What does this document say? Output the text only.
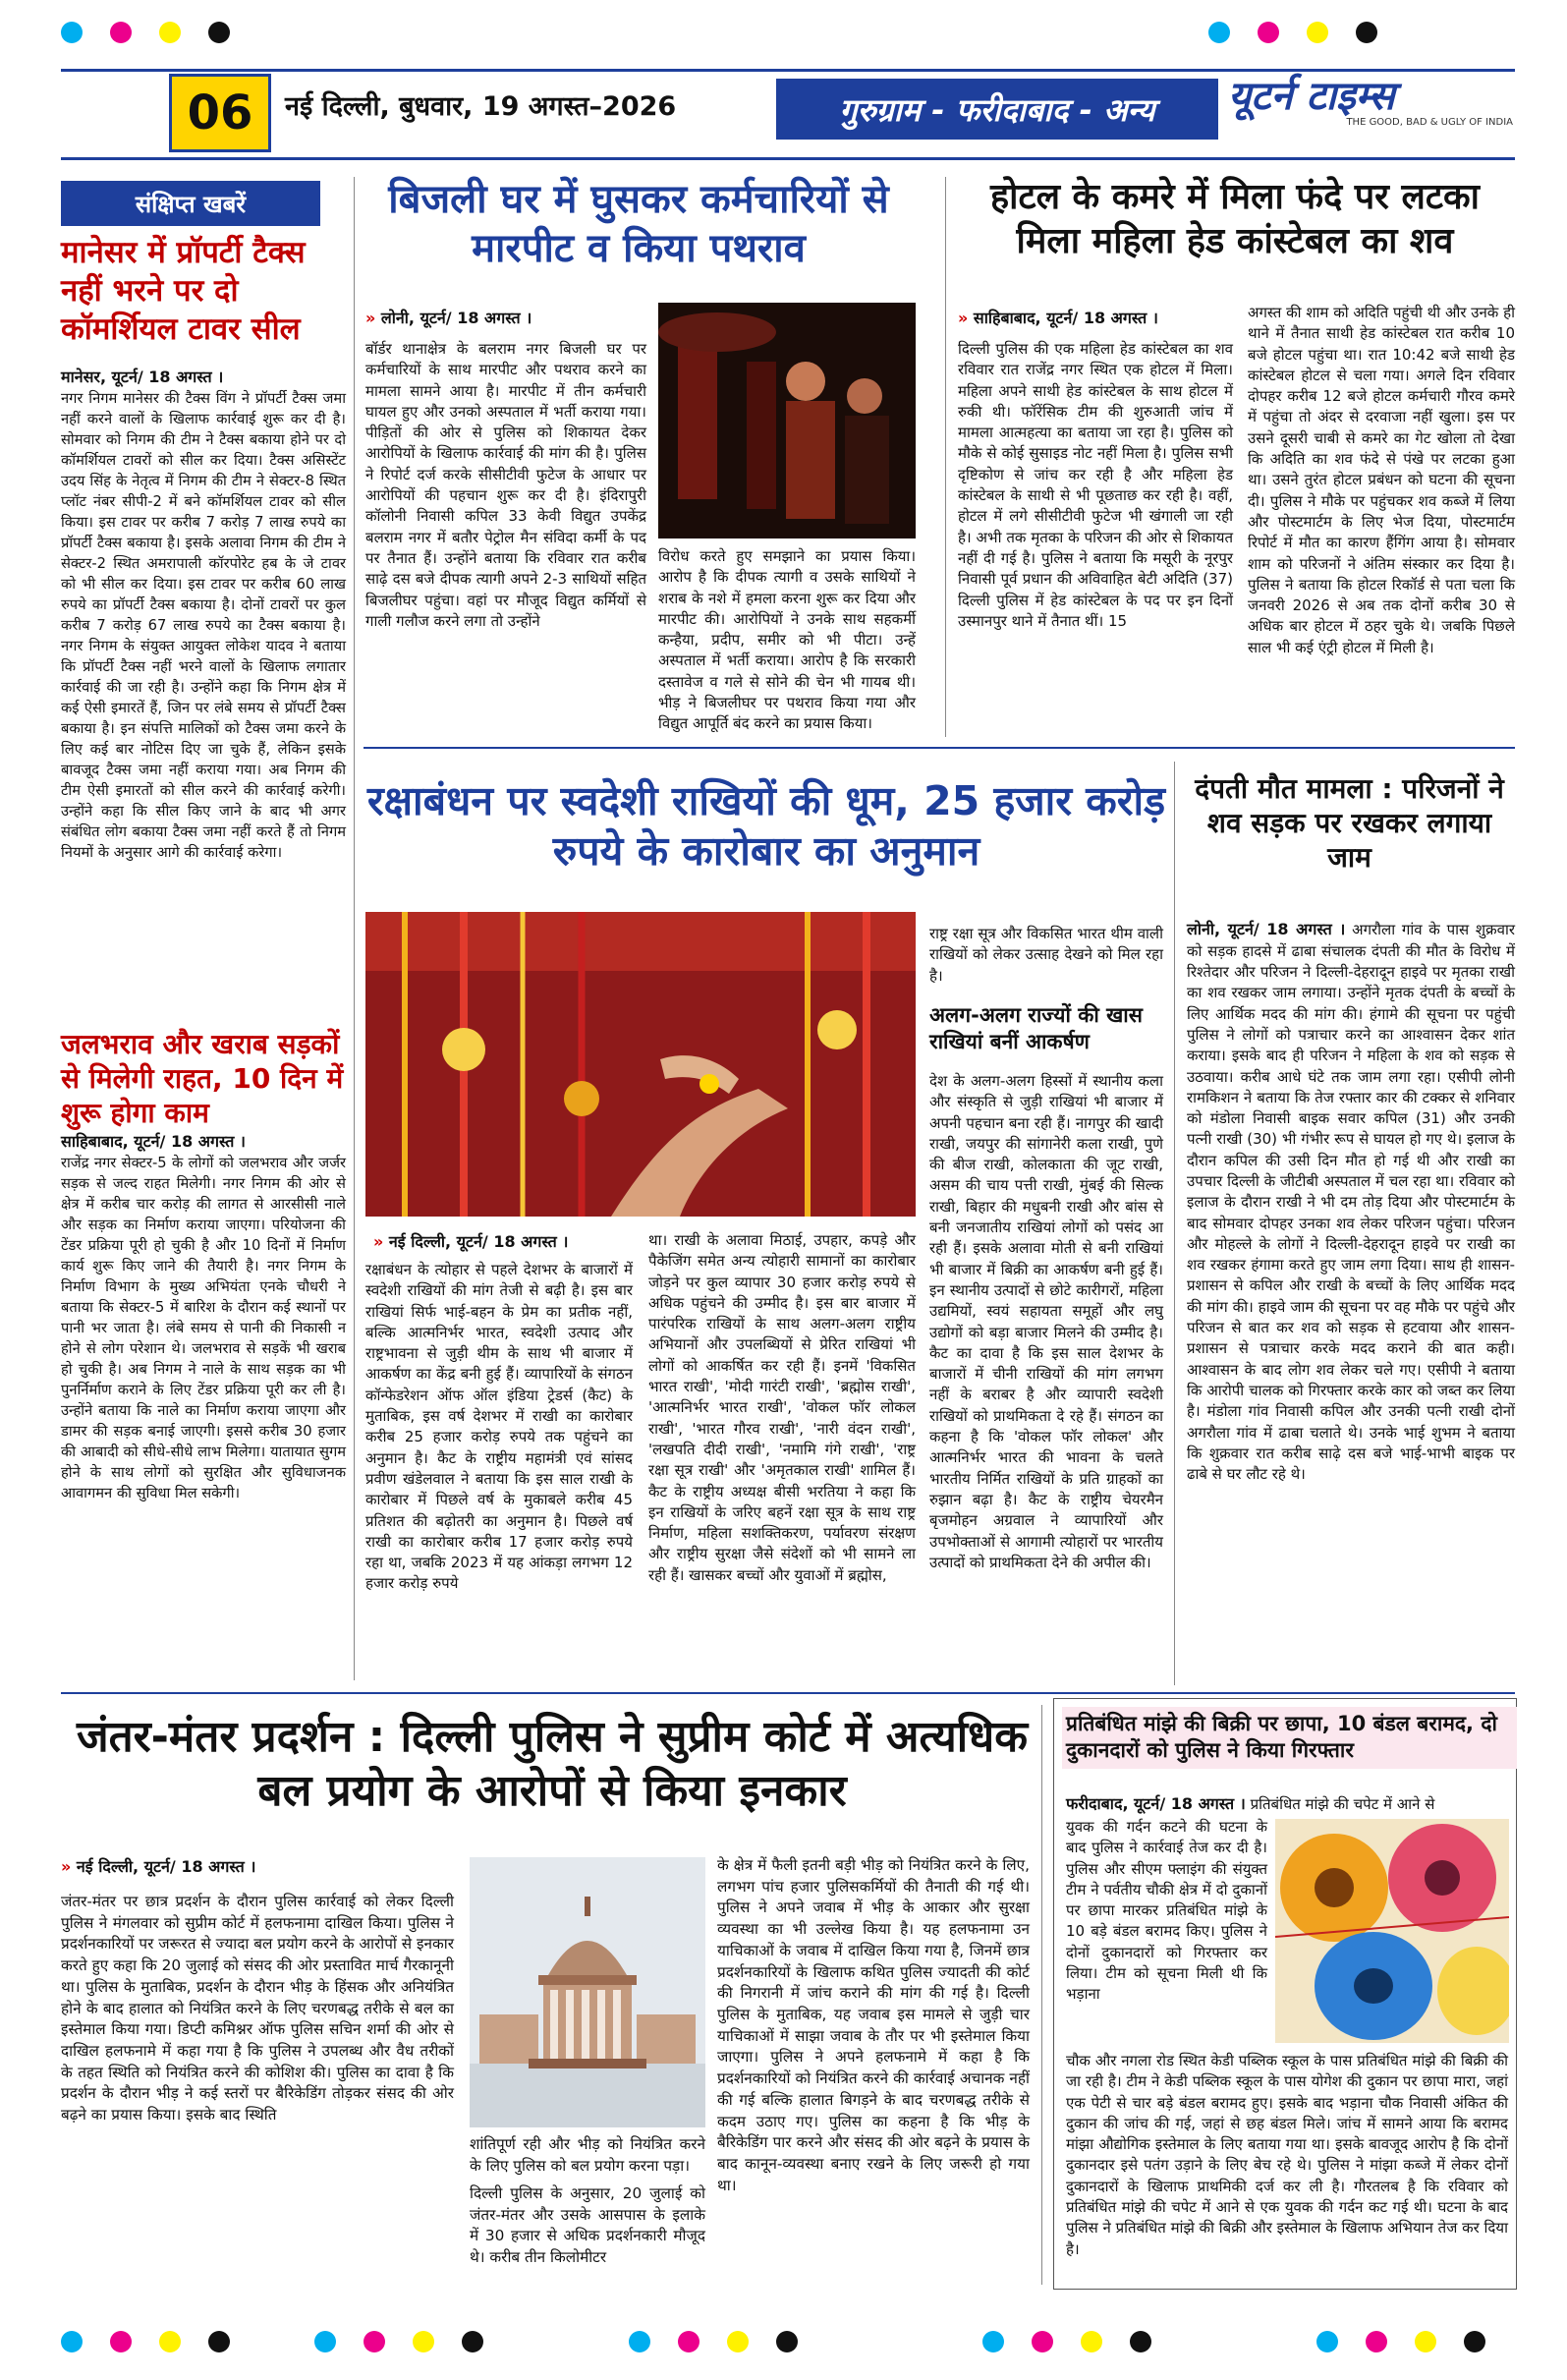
06	नई दिल्ली, बुधवार, 19 अगस्त–2026	गुरुग्राम - फरीदाबाद - अन्य	यूटर्न टाइम्स
THE GOOD, BAD & UGLY OF INDIA
संक्षिप्त खबरें
मानेसर में प्रॉपर्टी टैक्स नहीं भरने पर दो कॉमर्शियल टावर सील
मानेसर, यूटर्न/ 18 अगस्त ।
नगर निगम मानेसर की टैक्स विंग ने प्रॉपर्टी टैक्स जमा नहीं करने वालों के खिलाफ कार्रवाई शुरू कर दी है। सोमवार को निगम की टीम ने टैक्स बकाया होने पर दो कॉमर्शियल टावरों को सील कर दिया। टैक्स असिस्टेंट उदय सिंह के नेतृत्व में निगम की टीम ने सेक्टर-8 स्थित प्लॉट नंबर सीपी-2 में बने कॉमर्शियल टावर को सील किया। इस टावर पर करीब 7 करोड़ 7 लाख रुपये का प्रॉपर्टी टैक्स बकाया है। इसके अलावा निगम की टीम ने सेक्टर-2 स्थित अमरापाली कॉरपोरेट हब के जे टावर को भी सील कर दिया। इस टावर पर करीब 60 लाख रुपये का प्रॉपर्टी टैक्स बकाया है। दोनों टावरों पर कुल करीब 7 करोड़ 67 लाख रुपये का टैक्स बकाया है। नगर निगम के संयुक्त आयुक्त लोकेश यादव ने बताया कि प्रॉपर्टी टैक्स नहीं भरने वालों के खिलाफ लगातार कार्रवाई की जा रही है। उन्होंने कहा कि निगम क्षेत्र में कई ऐसी इमारतें हैं, जिन पर लंबे समय से प्रॉपर्टी टैक्स बकाया है। इन संपत्ति मालिकों को टैक्स जमा करने के लिए कई बार नोटिस दिए जा चुके हैं, लेकिन इसके बावजूद टैक्स जमा नहीं कराया गया। अब निगम की टीम ऐसी इमारतों को सील करने की कार्रवाई करेगी। उन्होंने कहा कि सील किए जाने के बाद भी अगर संबंधित लोग बकाया टैक्स जमा नहीं करते हैं तो निगम नियमों के अनुसार आगे की कार्रवाई करेगा।
जलभराव और खराब सड़कों से मिलेगी राहत, 10 दिन में शुरू होगा काम
साहिबाबाद, यूटर्न/ 18 अगस्त ।
राजेंद्र नगर सेक्टर-5 के लोगों को जलभराव और जर्जर सड़क से जल्द राहत मिलेगी। नगर निगम की ओर से क्षेत्र में करीब चार करोड़ की लागत से आरसीसी नाले और सड़क का निर्माण कराया जाएगा। परियोजना की टेंडर प्रक्रिया पूरी हो चुकी है और 10 दिनों में निर्माण कार्य शुरू किए जाने की तैयारी है। नगर निगम के निर्माण विभाग के मुख्य अभियंता एनके चौधरी ने बताया कि सेक्टर-5 में बारिश के दौरान कई स्थानों पर पानी भर जाता है। लंबे समय से पानी की निकासी न होने से लोग परेशान थे। जलभराव से सड़कें भी खराब हो चुकी है। अब निगम ने नाले के साथ सड़क का भी पुनर्निर्माण कराने के लिए टेंडर प्रक्रिया पूरी कर ली है। उन्होंने बताया कि नाले का निर्माण कराया जाएगा और डामर की सड़क बनाई जाएगी। इससे करीब 30 हजार की आबादी को सीधे-सीधे लाभ मिलेगा। यातायात सुगम होने के साथ लोगों को सुरक्षित और सुविधाजनक आवागमन की सुविधा मिल सकेगी।
बिजली घर में घुसकर कर्मचारियों से मारपीट व किया पथराव
» लोनी, यूटर्न/ 18 अगस्त ।
बॉर्डर थानाक्षेत्र के बलराम नगर बिजली घर पर कर्मचारियों के साथ मारपीट और पथराव करने का मामला सामने आया है। मारपीट में तीन कर्मचारी घायल हुए और उनको अस्पताल में भर्ती कराया गया। पीड़ितों की ओर से पुलिस को शिकायत देकर आरोपियों के खिलाफ कार्रवाई की मांग की है। पुलिस ने रिपोर्ट दर्ज करके सीसीटीवी फुटेज के आधार पर आरोपियों की पहचान शुरू कर दी है। इंदिरापुरी कॉलोनी निवासी कपिल 33 केवी विद्युत उपकेंद्र बलराम नगर में बतौर पेट्रोल मैन संविदा कर्मी के पद पर तैनात हैं। उन्होंने बताया कि रविवार रात करीब साढ़े दस बजे दीपक त्यागी अपने 2-3 साथियों सहित बिजलीघर पहुंचा। वहां पर मौजूद विद्युत कर्मियों से गाली गलौज करने लगा तो उन्होंने
विरोध करते हुए समझाने का प्रयास किया। आरोप है कि दीपक त्यागी व उसके साथियों ने शराब के नशे में हमला करना शुरू कर दिया और मारपीट की। आरोपियों ने उनके साथ सहकर्मी कन्हैया, प्रदीप, समीर को भी पीटा। उन्हें अस्पताल में भर्ती कराया। आरोप है कि सरकारी दस्तावेज व गले से सोने की चेन भी गायब थी। भीड़ ने बिजलीघर पर पथराव किया गया और विद्युत आपूर्ति बंद करने का प्रयास किया।
होटल के कमरे में मिला फंदे पर लटका मिला महिला हेड कांस्टेबल का शव
» साहिबाबाद, यूटर्न/ 18 अगस्त ।
दिल्ली पुलिस की एक महिला हेड कांस्टेबल का शव रविवार रात राजेंद्र नगर स्थित एक होटल में मिला। महिला अपने साथी हेड कांस्टेबल के साथ होटल में रुकी थी। फॉरेंसिक टीम की शुरुआती जांच में मामला आत्महत्या का बताया जा रहा है। पुलिस को मौके से कोई सुसाइड नोट नहीं मिला है। पुलिस सभी दृष्टिकोण से जांच कर रही है और महिला हेड कांस्टेबल के साथी से भी पूछताछ कर रही है। वहीं, होटल में लगे सीसीटीवी फुटेज भी खंगाली जा रही है। अभी तक मृतका के परिजन की ओर से शिकायत नहीं दी गई है। पुलिस ने बताया कि मसूरी के नूरपुर निवासी पूर्व प्रधान की अविवाहित बेटी अदिति (37) दिल्ली पुलिस में हेड कांस्टेबल के पद पर इन दिनों उस्मानपुर थाने में तैनात थीं। 15
अगस्त की शाम को अदिति पहुंची थी और उनके ही थाने में तैनात साथी हेड कांस्टेबल रात करीब 10 बजे होटल पहुंचा था। रात 10:42 बजे साथी हेड कांस्टेबल होटल से चला गया। अगले दिन रविवार दोपहर करीब 12 बजे होटल कर्मचारी गौरव कमरे में पहुंचा तो अंदर से दरवाजा नहीं खुला। इस पर उसने दूसरी चाबी से कमरे का गेट खोला तो देखा कि अदिति का शव फंदे से पंखे पर लटका हुआ था। उसने तुरंत होटल प्रबंधन को घटना की सूचना दी। पुलिस ने मौके पर पहुंचकर शव कब्जे में लिया और पोस्टमार्टम के लिए भेज दिया, पोस्टमार्टम रिपोर्ट में मौत का कारण हैंगिंग आया है। सोमवार शाम को परिजनों ने अंतिम संस्कार कर दिया है। पुलिस ने बताया कि होटल रिकॉर्ड से पता चला कि जनवरी 2026 से अब तक दोनों करीब 30 से अधिक बार होटल में ठहर चुके थे। जबकि पिछले साल भी कई एंट्री होटल में मिली है।
रक्षाबंधन पर स्वदेशी राखियों की धूम, 25 हजार करोड़ रुपये के कारोबार का अनुमान
» नई दिल्ली, यूटर्न/ 18 अगस्त ।
रक्षाबंधन के त्योहार से पहले देशभर के बाजारों में स्वदेशी राखियों की मांग तेजी से बढ़ी है। इस बार राखियां सिर्फ भाई-बहन के प्रेम का प्रतीक नहीं, बल्कि आत्मनिर्भर भारत, स्वदेशी उत्पाद और राष्ट्रभावना से जुड़ी थीम के साथ भी बाजार में आकर्षण का केंद्र बनी हुई हैं। व्यापारियों के संगठन कॉन्फेडरेशन ऑफ ऑल इंडिया ट्रेडर्स (कैट) के मुताबिक, इस वर्ष देशभर में राखी का कारोबार करीब 25 हजार करोड़ रुपये तक पहुंचने का अनुमान है। कैट के राष्ट्रीय महामंत्री एवं सांसद प्रवीण खंडेलवाल ने बताया कि इस साल राखी के कारोबार में पिछले वर्ष के मुकाबले करीब 45 प्रतिशत की बढ़ोतरी का अनुमान है। पिछले वर्ष राखी का कारोबार करीब 17 हजार करोड़ रुपये रहा था, जबकि 2023 में यह आंकड़ा लगभग 12 हजार करोड़ रुपये
था। राखी के अलावा मिठाई, उपहार, कपड़े और पैकेजिंग समेत अन्य त्योहारी सामानों का कारोबार जोड़ने पर कुल व्यापार 30 हजार करोड़ रुपये से अधिक पहुंचने की उम्मीद है। इस बार बाजार में पारंपरिक राखियों के साथ अलग-अलग राष्ट्रीय अभियानों और उपलब्धियों से प्रेरित राखियां भी लोगों को आकर्षित कर रही हैं। इनमें 'विकसित भारत राखी', 'मोदी गारंटी राखी', 'ब्रह्मोस राखी', 'आत्मनिर्भर भारत राखी', 'वोकल फॉर लोकल राखी', 'भारत गौरव राखी', 'नारी वंदन राखी', 'लखपति दीदी राखी', 'नमामि गंगे राखी', 'राष्ट्र रक्षा सूत्र राखी' और 'अमृतकाल राखी' शामिल हैं। कैट के राष्ट्रीय अध्यक्ष बीसी भरतिया ने कहा कि इन राखियों के जरिए बहनें रक्षा सूत्र के साथ राष्ट्र निर्माण, महिला सशक्तिकरण, पर्यावरण संरक्षण और राष्ट्रीय सुरक्षा जैसे संदेशों को भी सामने ला रही हैं। खासकर बच्चों और युवाओं में ब्रह्मोस,
राष्ट्र रक्षा सूत्र और विकसित भारत थीम वाली राखियों को लेकर उत्साह देखने को मिल रहा है।
अलग-अलग राज्यों की खास राखियां बनीं आकर्षण
देश के अलग-अलग हिस्सों में स्थानीय कला और संस्कृति से जुड़ी राखियां भी बाजार में अपनी पहचान बना रही हैं। नागपुर की खादी राखी, जयपुर की सांगानेरी कला राखी, पुणे की बीज राखी, कोलकाता की जूट राखी, असम की चाय पत्ती राखी, मुंबई की सिल्क राखी, बिहार की मधुबनी राखी और बांस से बनी जनजातीय राखियां लोगों को पसंद आ रही हैं। इसके अलावा मोती से बनी राखियां भी बाजार में बिक्री का आकर्षण बनी हुई हैं। इन स्थानीय उत्पादों से छोटे कारीगरों, महिला उद्यमियों, स्वयं सहायता समूहों और लघु उद्योगों को बड़ा बाजार मिलने की उम्मीद है। कैट का दावा है कि इस साल देशभर के बाजारों में चीनी राखियों की मांग लगभग नहीं के बराबर है और व्यापारी स्वदेशी राखियों को प्राथमिकता दे रहे हैं। संगठन का कहना है कि 'वोकल फॉर लोकल' और आत्मनिर्भर भारत की भावना के चलते भारतीय निर्मित राखियों के प्रति ग्राहकों का रुझान बढ़ा है। कैट के राष्ट्रीय चेयरमैन बृजमोहन अग्रवाल ने व्यापारियों और उपभोक्ताओं से आगामी त्योहारों पर भारतीय उत्पादों को प्राथमिकता देने की अपील की।
दंपती मौत मामला : परिजनों ने शव सड़क पर रखकर लगाया जाम
लोनी, यूटर्न/ 18 अगस्त । अगरौला गांव के पास शुक्रवार को सड़क हादसे में ढाबा संचालक दंपती की मौत के विरोध में रिश्तेदार और परिजन ने दिल्ली-देहरादून हाइवे पर मृतका राखी का शव रखकर जाम लगाया। उन्होंने मृतक दंपती के बच्चों के लिए आर्थिक मदद की मांग की। हंगामे की सूचना पर पहुंची पुलिस ने लोगों को पत्राचार करने का आश्वासन देकर शांत कराया। इसके बाद ही परिजन ने महिला के शव को सड़क से उठवाया। करीब आधे घंटे तक जाम लगा रहा। एसीपी लोनी रामकिशन ने बताया कि तेज रफ्तार कार की टक्कर से शनिवार को मंडोला निवासी बाइक सवार कपिल (31) और उनकी पत्नी राखी (30) भी गंभीर रूप से घायल हो गए थे। इलाज के दौरान कपिल की उसी दिन मौत हो गई थी और राखी का उपचार दिल्ली के जीटीबी अस्पताल में चल रहा था। रविवार को इलाज के दौरान राखी ने भी दम तोड़ दिया और पोस्टमार्टम के बाद सोमवार दोपहर उनका शव लेकर परिजन पहुंचा। परिजन और मोहल्ले के लोगों ने दिल्ली-देहरादून हाइवे पर राखी का शव रखकर हंगामा करते हुए जाम लगा दिया। साथ ही शासन-प्रशासन से कपिल और राखी के बच्चों के लिए आर्थिक मदद की मांग की। हाइवे जाम की सूचना पर वह मौके पर पहुंचे और परिजन से बात कर शव को सड़क से हटवाया और शासन-प्रशासन से पत्राचार करके मदद कराने की बात कही। आश्वासन के बाद लोग शव लेकर चले गए। एसीपी ने बताया कि आरोपी चालक को गिरफ्तार करके कार को जब्त कर लिया है। मंडोला गांव निवासी कपिल और उनकी पत्नी राखी दोनों अगरौला गांव में ढाबा चलाते थे। उनके भाई शुभम ने बताया कि शुक्रवार रात करीब साढ़े दस बजे भाई-भाभी बाइक पर ढाबे से घर लौट रहे थे।
जंतर-मंतर प्रदर्शन : दिल्ली पुलिस ने सुप्रीम कोर्ट में अत्यधिक बल प्रयोग के आरोपों से किया इनकार
» नई दिल्ली, यूटर्न/ 18 अगस्त ।
जंतर-मंतर पर छात्र प्रदर्शन के दौरान पुलिस कार्रवाई को लेकर दिल्ली पुलिस ने मंगलवार को सुप्रीम कोर्ट में हलफनामा दाखिल किया। पुलिस ने प्रदर्शनकारियों पर जरूरत से ज्यादा बल प्रयोग करने के आरोपों से इनकार करते हुए कहा कि 20 जुलाई को संसद की ओर प्रस्तावित मार्च गैरकानूनी था। पुलिस के मुताबिक, प्रदर्शन के दौरान भीड़ के हिंसक और अनियंत्रित होने के बाद हालात को नियंत्रित करने के लिए चरणबद्ध तरीके से बल का इस्तेमाल किया गया। डिप्टी कमिश्नर ऑफ पुलिस सचिन शर्मा की ओर से दाखिल हलफनामे में कहा गया है कि पुलिस ने उपलब्ध और वैध तरीकों के तहत स्थिति को नियंत्रित करने की कोशिश की। पुलिस का दावा है कि प्रदर्शन के दौरान भीड़ ने कई स्तरों पर बैरिकेडिंग तोड़कर संसद की ओर बढ़ने का प्रयास किया। इसके बाद स्थिति
शांतिपूर्ण रही और भीड़ को नियंत्रित करने के लिए पुलिस को बल प्रयोग करना पड़ा।
दिल्ली पुलिस के अनुसार, 20 जुलाई को जंतर-मंतर और उसके आसपास के इलाके में 30 हजार से अधिक प्रदर्शनकारी मौजूद थे। करीब तीन किलोमीटर
के क्षेत्र में फैली इतनी बड़ी भीड़ को नियंत्रित करने के लिए, लगभग पांच हजार पुलिसकर्मियों की तैनाती की गई थी। पुलिस ने अपने जवाब में भीड़ के आकार और सुरक्षा व्यवस्था का भी उल्लेख किया है। यह हलफनामा उन याचिकाओं के जवाब में दाखिल किया गया है, जिनमें छात्र प्रदर्शनकारियों के खिलाफ कथित पुलिस ज्यादती की कोर्ट की निगरानी में जांच कराने की मांग की गई है। दिल्ली पुलिस के मुताबिक, यह जवाब इस मामले से जुड़ी चार याचिकाओं में साझा जवाब के तौर पर भी इस्तेमाल किया जाएगा। पुलिस ने अपने हलफनामे में कहा है कि प्रदर्शनकारियों को नियंत्रित करने की कार्रवाई अचानक नहीं की गई बल्कि हालात बिगड़ने के बाद चरणबद्ध तरीके से कदम उठाए गए। पुलिस का कहना है कि भीड़ के बैरिकेडिंग पार करने और संसद की ओर बढ़ने के प्रयास के बाद कानून-व्यवस्था बनाए रखने के लिए जरूरी हो गया था।
प्रतिबंधित मांझे की बिक्री पर छापा, 10 बंडल बरामद, दो दुकानदारों को पुलिस ने किया गिरफ्तार
फरीदाबाद, यूटर्न/ 18 अगस्त । प्रतिबंधित मांझे की चपेट में आने से
युवक की गर्दन कटने की घटना के बाद पुलिस ने कार्रवाई तेज कर दी है। पुलिस और सीएम फ्लाइंग की संयुक्त टीम ने पर्वतीय चौकी क्षेत्र में दो दुकानों पर छापा मारकर प्रतिबंधित मांझे के 10 बड़े बंडल बरामद किए। पुलिस ने दोनों दुकानदारों को गिरफ्तार कर लिया। टीम को सूचना मिली थी कि भड़ाना
चौक और नगला रोड स्थित केडी पब्लिक स्कूल के पास प्रतिबंधित मांझे की बिक्री की जा रही है। टीम ने केडी पब्लिक स्कूल के पास योगेश की दुकान पर छापा मारा, जहां एक पेटी से चार बड़े बंडल बरामद हुए। इसके बाद भड़ाना चौक निवासी अंकित की दुकान की जांच की गई, जहां से छह बंडल मिले। जांच में सामने आया कि बरामद मांझा औद्योगिक इस्तेमाल के लिए बताया गया था। इसके बावजूद आरोप है कि दोनों दुकानदार इसे पतंग उड़ाने के लिए बेच रहे थे। पुलिस ने मांझा कब्जे में लेकर दोनों दुकानदारों के खिलाफ प्राथमिकी दर्ज कर ली है। गौरतलब है कि रविवार को प्रतिबंधित मांझे की चपेट में आने से एक युवक की गर्दन कट गई थी। घटना के बाद पुलिस ने प्रतिबंधित मांझे की बिक्री और इस्तेमाल के खिलाफ अभियान तेज कर दिया है।
